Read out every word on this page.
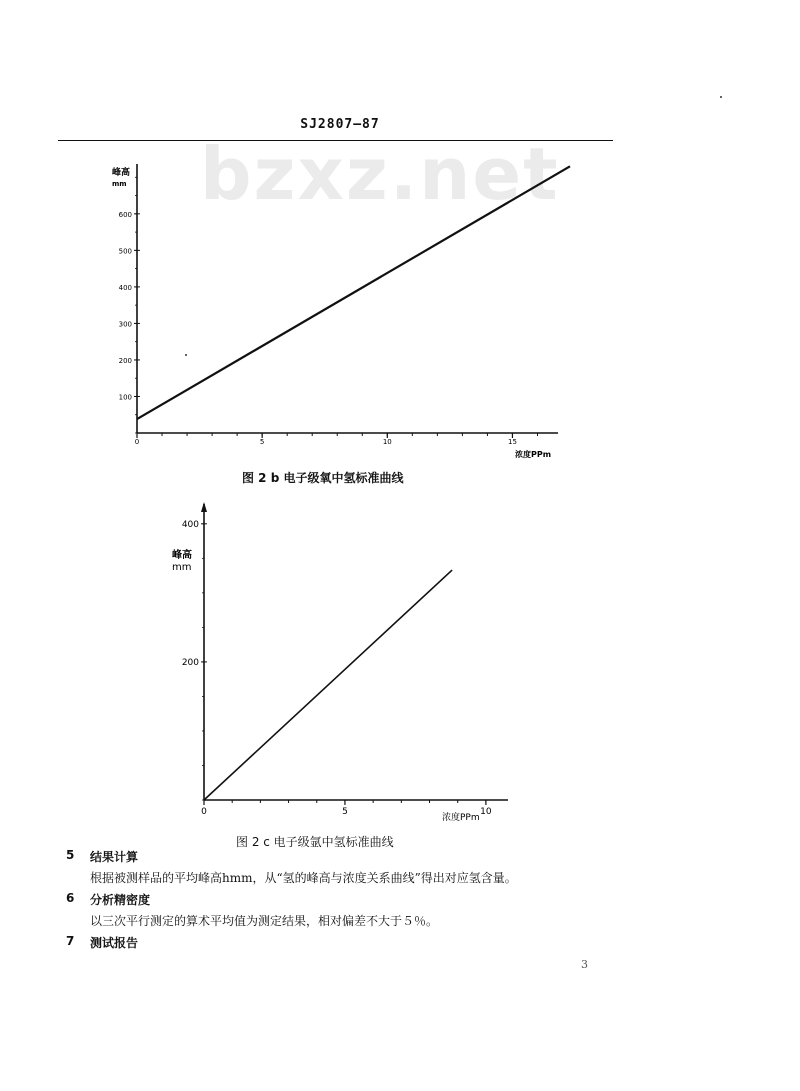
bzxz.net
SJ2807—87
峰高
mm
浓度PPm
0	5	10	15
100
200
300
400
500
600
图 2 b 电子级氧中氢标准曲线
峰高
mm
浓度PPm
0	5	10
200
400
图 2 c 电子级氩中氢标准曲线
5 结果计算
根据被测样品的平均峰高hmm，从“氢的峰高与浓度关系曲线”得出对应氢含量。
6 分析精密度
以三次平行测定的算术平均值为测定结果，相对偏差不大于５％。
7 测试报告
3
